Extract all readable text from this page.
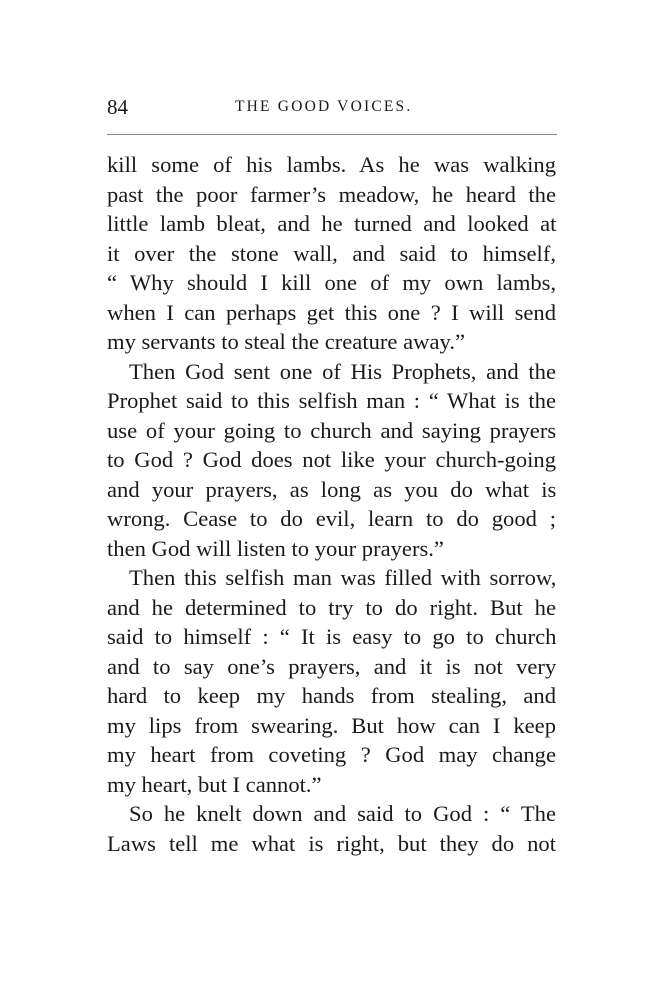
84	THE GOOD VOICES.

kill some of his lambs. As he was walking
past the poor farmer’s meadow, he heard the
little lamb bleat, and he turned and looked at
it over the stone wall, and said to himself,
“ Why should I kill one of my own lambs,
when I can perhaps get this one ? I will send
my servants to steal the creature away.”

Then God sent one of His Prophets, and the
Prophet said to this selfish man : “ What is the
use of your going to church and saying prayers
to God ? God does not like your church-going
and your prayers, as long as you do what is
wrong. Cease to do evil, learn to do good ;
then God will listen to your prayers.”

Then this selfish man was filled with sorrow,
and he determined to try to do right. But he
said to himself : “ It is easy to go to church
and to say one’s prayers, and it is not very
hard to keep my hands from stealing, and
my lips from swearing. But how can I keep
my heart from coveting ? God may change
my heart, but I cannot.”

So he knelt down and said to God : “ The
Laws tell me what is right, but they do not
